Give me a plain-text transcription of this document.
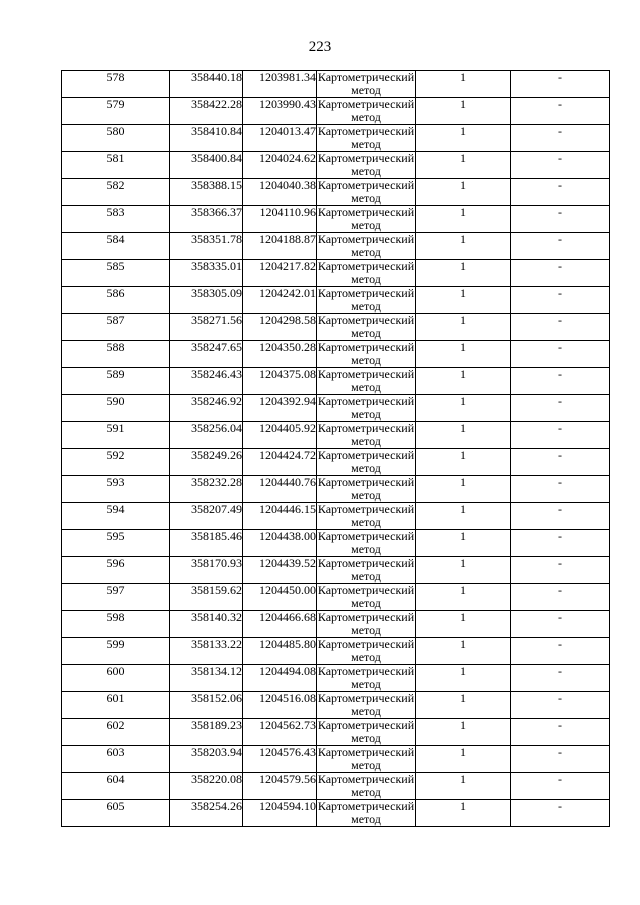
223
578	358440.18	1203981.34	Картометрический метод	1	-
579	358422.28	1203990.43	Картометрический метод	1	-
580	358410.84	1204013.47	Картометрический метод	1	-
581	358400.84	1204024.62	Картометрический метод	1	-
582	358388.15	1204040.38	Картометрический метод	1	-
583	358366.37	1204110.96	Картометрический метод	1	-
584	358351.78	1204188.87	Картометрический метод	1	-
585	358335.01	1204217.82	Картометрический метод	1	-
586	358305.09	1204242.01	Картометрический метод	1	-
587	358271.56	1204298.58	Картометрический метод	1	-
588	358247.65	1204350.28	Картометрический метод	1	-
589	358246.43	1204375.08	Картометрический метод	1	-
590	358246.92	1204392.94	Картометрический метод	1	-
591	358256.04	1204405.92	Картометрический метод	1	-
592	358249.26	1204424.72	Картометрический метод	1	-
593	358232.28	1204440.76	Картометрический метод	1	-
594	358207.49	1204446.15	Картометрический метод	1	-
595	358185.46	1204438.00	Картометрический метод	1	-
596	358170.93	1204439.52	Картометрический метод	1	-
597	358159.62	1204450.00	Картометрический метод	1	-
598	358140.32	1204466.68	Картометрический метод	1	-
599	358133.22	1204485.80	Картометрический метод	1	-
600	358134.12	1204494.08	Картометрический метод	1	-
601	358152.06	1204516.08	Картометрический метод	1	-
602	358189.23	1204562.73	Картометрический метод	1	-
603	358203.94	1204576.43	Картометрический метод	1	-
604	358220.08	1204579.56	Картометрический метод	1	-
605	358254.26	1204594.10	Картометрический метод	1	-
